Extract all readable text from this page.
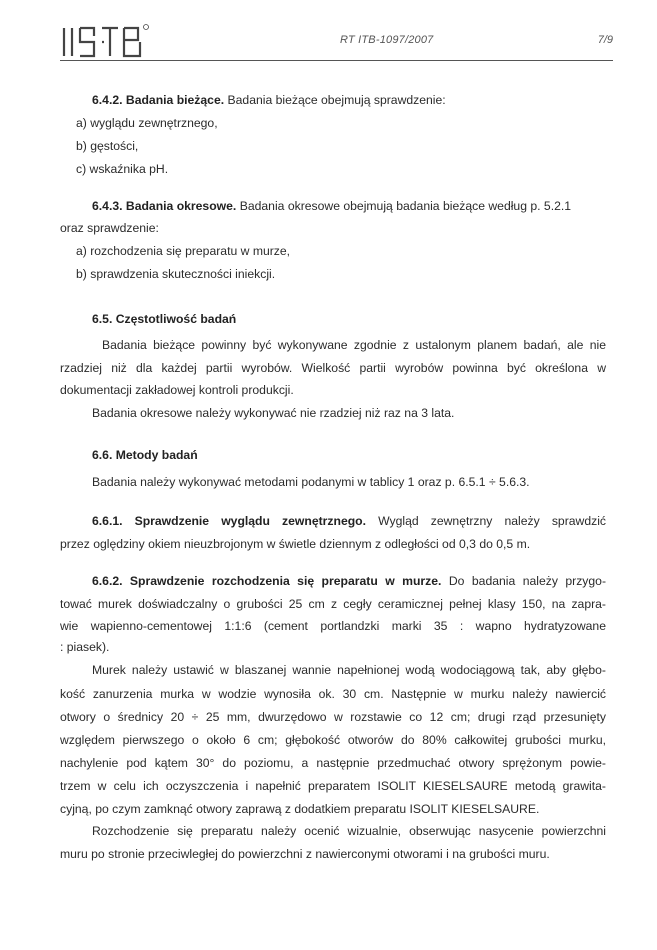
RT ITB-1097/2007	7/9
6.4.2. Badania bieżące. Badania bieżące obejmują sprawdzenie:
a) wyglądu zewnętrznego,
b) gęstości,
c) wskaźnika pH.
6.4.3. Badania okresowe. Badania okresowe obejmują badania bieżące według p. 5.2.1
oraz sprawdzenie:
a) rozchodzenia się preparatu w murze,
b) sprawdzenia skuteczności iniekcji.
6.5. Częstotliwość badań
Badania bieżące powinny być wykonywane zgodnie z ustalonym planem badań, ale nie
rzadziej niż dla każdej partii wyrobów. Wielkość partii wyrobów powinna być określona w
dokumentacji zakładowej kontroli produkcji.
Badania okresowe należy wykonywać nie rzadziej niż raz na 3 lata.
6.6. Metody badań
Badania należy wykonywać metodami podanymi w tablicy 1 oraz p. 6.5.1 ÷ 5.6.3.
6.6.1. Sprawdzenie wyglądu zewnętrznego. Wygląd zewnętrzny należy sprawdzić
przez oględziny okiem nieuzbrojonym w świetle dziennym z odległości od 0,3 do 0,5 m.
6.6.2. Sprawdzenie rozchodzenia się preparatu w murze. Do badania należy przygo-
tować murek doświadczalny o grubości 25 cm z cegły ceramicznej pełnej klasy 150, na zapra-
wie wapienno-cementowej 1:1:6 (cement portlandzki marki 35 : wapno hydratyzowane
: piasek).
Murek należy ustawić w blaszanej wannie napełnionej wodą wodociągową tak, aby głębo-
kość zanurzenia murka w wodzie wynosiła ok. 30 cm. Następnie w murku należy nawiercić
otwory o średnicy 20 ÷ 25 mm, dwurzędowo w rozstawie co 12 cm; drugi rząd przesunięty
względem pierwszego o około 6 cm; głębokość otworów do 80% całkowitej grubości murku,
nachylenie pod kątem 30° do poziomu, a następnie przedmuchać otwory sprężonym powie-
trzem w celu ich oczyszczenia i napełnić preparatem ISOLIT KIESELSAURE metodą grawita-
cyjną, po czym zamknąć otwory zaprawą z dodatkiem preparatu ISOLIT KIESELSAURE.
Rozchodzenie się preparatu należy ocenić wizualnie, obserwując nasycenie powierzchni
muru po stronie przeciwległej do powierzchni z nawierconymi otworami i na grubości muru.
